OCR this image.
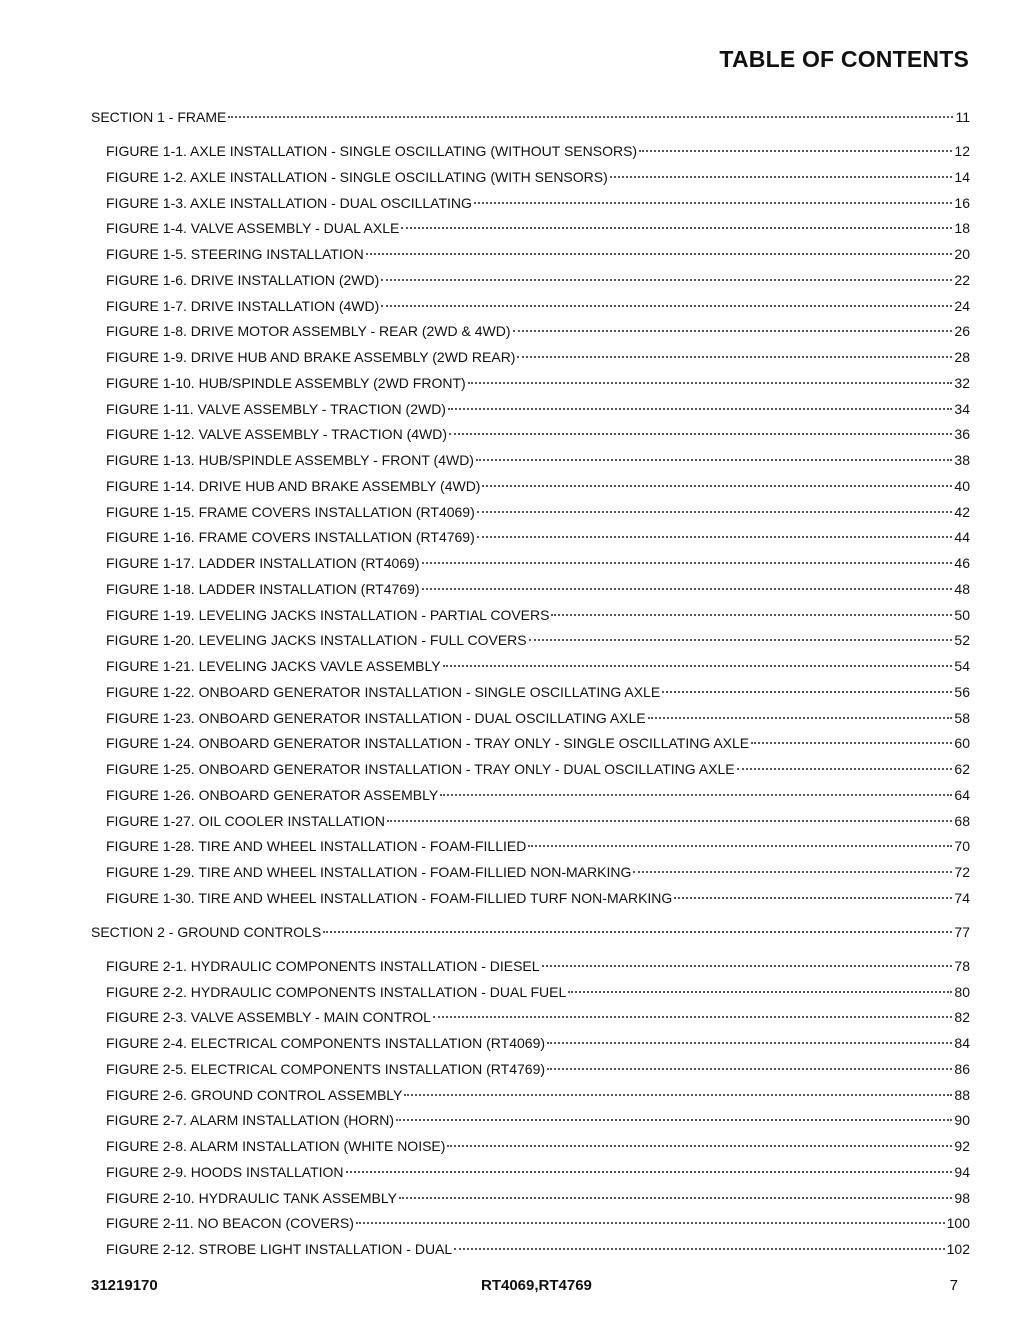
TABLE OF CONTENTS
SECTION 1 - FRAME	11
FIGURE 1-1. AXLE INSTALLATION - SINGLE OSCILLATING (WITHOUT SENSORS)	12
FIGURE 1-2. AXLE INSTALLATION - SINGLE OSCILLATING (WITH SENSORS)	14
FIGURE 1-3. AXLE INSTALLATION - DUAL OSCILLATING	16
FIGURE 1-4. VALVE ASSEMBLY - DUAL AXLE	18
FIGURE 1-5. STEERING INSTALLATION	20
FIGURE 1-6. DRIVE INSTALLATION (2WD)	22
FIGURE 1-7. DRIVE INSTALLATION (4WD)	24
FIGURE 1-8. DRIVE MOTOR ASSEMBLY - REAR (2WD & 4WD)	26
FIGURE 1-9. DRIVE HUB AND BRAKE ASSEMBLY (2WD REAR)	28
FIGURE 1-10. HUB/SPINDLE ASSEMBLY (2WD FRONT)	32
FIGURE 1-11. VALVE ASSEMBLY - TRACTION (2WD)	34
FIGURE 1-12. VALVE ASSEMBLY - TRACTION (4WD)	36
FIGURE 1-13. HUB/SPINDLE ASSEMBLY - FRONT (4WD)	38
FIGURE 1-14. DRIVE HUB AND BRAKE ASSEMBLY (4WD)	40
FIGURE 1-15. FRAME COVERS INSTALLATION (RT4069)	42
FIGURE 1-16. FRAME COVERS INSTALLATION (RT4769)	44
FIGURE 1-17. LADDER INSTALLATION (RT4069)	46
FIGURE 1-18. LADDER INSTALLATION (RT4769)	48
FIGURE 1-19. LEVELING JACKS INSTALLATION - PARTIAL COVERS	50
FIGURE 1-20. LEVELING JACKS INSTALLATION - FULL COVERS	52
FIGURE 1-21. LEVELING JACKS VAVLE ASSEMBLY	54
FIGURE 1-22. ONBOARD GENERATOR INSTALLATION - SINGLE OSCILLATING AXLE	56
FIGURE 1-23. ONBOARD GENERATOR INSTALLATION - DUAL OSCILLATING AXLE	58
FIGURE 1-24. ONBOARD GENERATOR INSTALLATION - TRAY ONLY - SINGLE OSCILLATING AXLE	60
FIGURE 1-25. ONBOARD GENERATOR INSTALLATION - TRAY ONLY - DUAL OSCILLATING AXLE	62
FIGURE 1-26. ONBOARD GENERATOR ASSEMBLY	64
FIGURE 1-27. OIL COOLER INSTALLATION	68
FIGURE 1-28. TIRE AND WHEEL INSTALLATION - FOAM-FILLIED	70
FIGURE 1-29. TIRE AND WHEEL INSTALLATION - FOAM-FILLIED NON-MARKING	72
FIGURE 1-30. TIRE AND WHEEL INSTALLATION - FOAM-FILLIED TURF NON-MARKING	74
SECTION 2 - GROUND CONTROLS	77
FIGURE 2-1. HYDRAULIC COMPONENTS INSTALLATION - DIESEL	78
FIGURE 2-2. HYDRAULIC COMPONENTS INSTALLATION - DUAL FUEL	80
FIGURE 2-3. VALVE ASSEMBLY - MAIN CONTROL	82
FIGURE 2-4. ELECTRICAL COMPONENTS INSTALLATION (RT4069)	84
FIGURE 2-5. ELECTRICAL COMPONENTS INSTALLATION (RT4769)	86
FIGURE 2-6. GROUND CONTROL ASSEMBLY	88
FIGURE 2-7. ALARM INSTALLATION (HORN)	90
FIGURE 2-8. ALARM INSTALLATION (WHITE NOISE)	92
FIGURE 2-9. HOODS INSTALLATION	94
FIGURE 2-10. HYDRAULIC TANK ASSEMBLY	98
FIGURE 2-11. NO BEACON (COVERS)	100
FIGURE 2-12. STROBE LIGHT INSTALLATION - DUAL	102
31219170	RT4069,RT4769	7
